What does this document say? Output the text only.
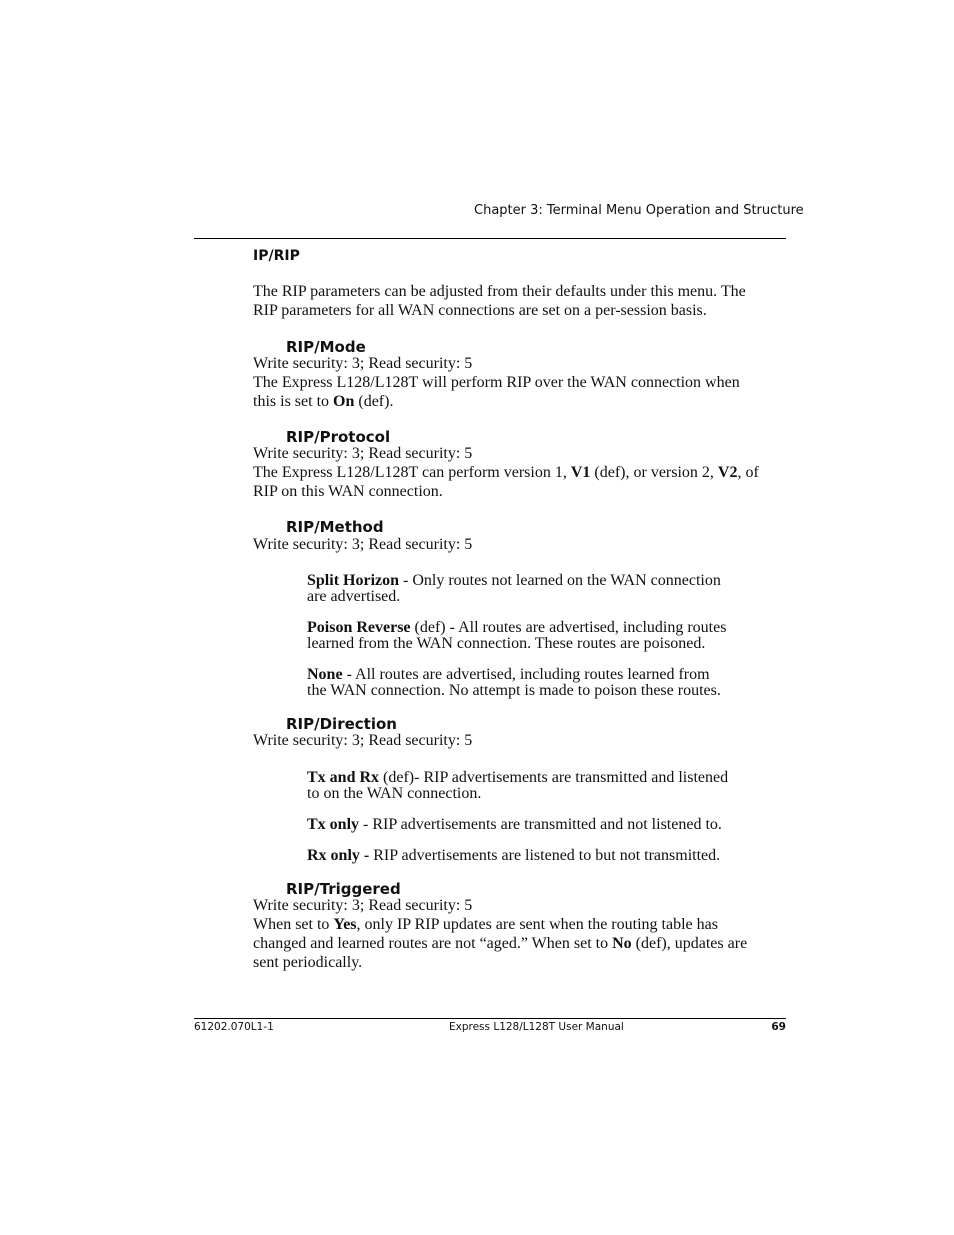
Chapter 3: Terminal Menu Operation and Structure
IP/RIP
The RIP parameters can be adjusted from their defaults under this menu. The
RIP parameters for all WAN connections are set on a per-session basis.
RIP/Mode
Write security: 3; Read security: 5
The Express L128/L128T will perform RIP over the WAN connection when
this is set to On (def).
RIP/Protocol
Write security: 3; Read security: 5
The Express L128/L128T can perform version 1, V1 (def), or version 2, V2, of
RIP on this WAN connection.
RIP/Method
Write security: 3; Read security: 5
Split Horizon - Only routes not learned on the WAN connection
are advertised.
Poison Reverse (def) - All routes are advertised, including routes
learned from the WAN connection. These routes are poisoned.
None - All routes are advertised, including routes learned from
the WAN connection. No attempt is made to poison these routes.
RIP/Direction
Write security: 3; Read security: 5
Tx and Rx (def)- RIP advertisements are transmitted and listened
to on the WAN connection.
Tx only - RIP advertisements are transmitted and not listened to.
Rx only - RIP advertisements are listened to but not transmitted.
RIP/Triggered
Write security: 3; Read security: 5
When set to Yes, only IP RIP updates are sent when the routing table has
changed and learned routes are not “aged.” When set to No (def), updates are
sent periodically.
61202.070L1-1	Express L128/L128T User Manual	69
